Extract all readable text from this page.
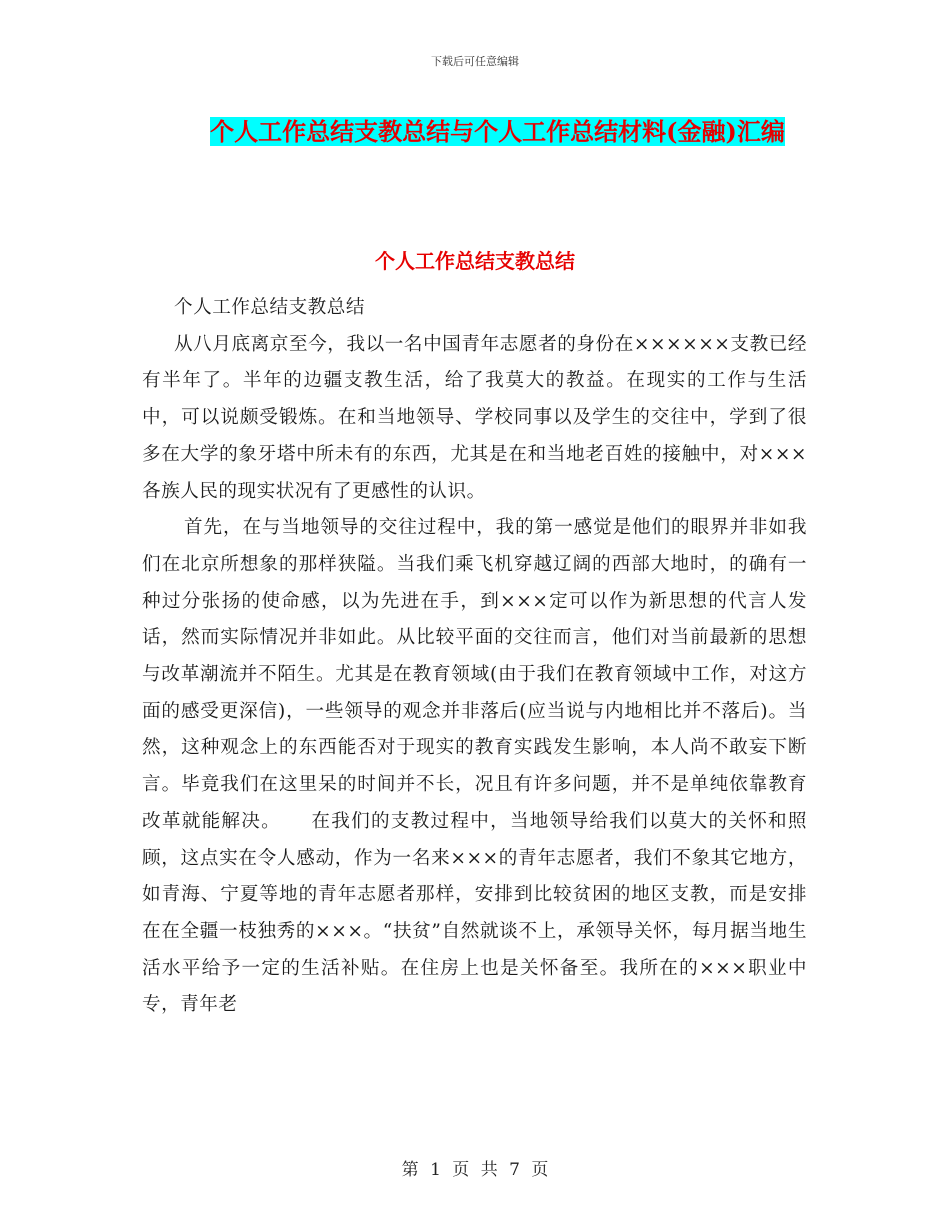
下载后可任意编辑
个人工作总结支教总结与个人工作总结材料(金融)汇编
个人工作总结支教总结

个人工作总结支教总结

从八月底离京至今，我以一名中国青年志愿者的身份在××××××支教已经有半年了。半年的边疆支教生活，给了我莫大的教益。在现实的工作与生活中，可以说颇受锻炼。在和当地领导、学校同事以及学生的交往中，学到了很多在大学的象牙塔中所未有的东西，尤其是在和当地老百姓的接触中，对×××各族人民的现实状况有了更感性的认识。

首先，在与当地领导的交往过程中，我的第一感觉是他们的眼界并非如我们在北京所想象的那样狭隘。当我们乘飞机穿越辽阔的西部大地时，的确有一种过分张扬的使命感，以为先进在手，到×××定可以作为新思想的代言人发话，然而实际情况并非如此。从比较平面的交往而言，他们对当前最新的思想与改革潮流并不陌生。尤其是在教育领域(由于我们在教育领域中工作，对这方面的感受更深信)，一些领导的观念并非落后(应当说与内地相比并不落后)。当然，这种观念上的东西能否对于现实的教育实践发生影响，本人尚不敢妄下断言。毕竟我们在这里呆的时间并不长，况且有许多问题，并不是单纯依靠教育改革就能解决。　　在我们的支教过程中，当地领导给我们以莫大的关怀和照顾，这点实在令人感动，作为一名来×××的青年志愿者，我们不象其它地方，如青海、宁夏等地的青年志愿者那样，安排到比较贫困的地区支教，而是安排在在全疆一枝独秀的×××。“扶贫”自然就谈不上，承领导关怀，每月据当地生活水平给予一定的生活补贴。在住房上也是关怀备至。我所在的×××职业中专，青年老

第 1 页 共 7 页
